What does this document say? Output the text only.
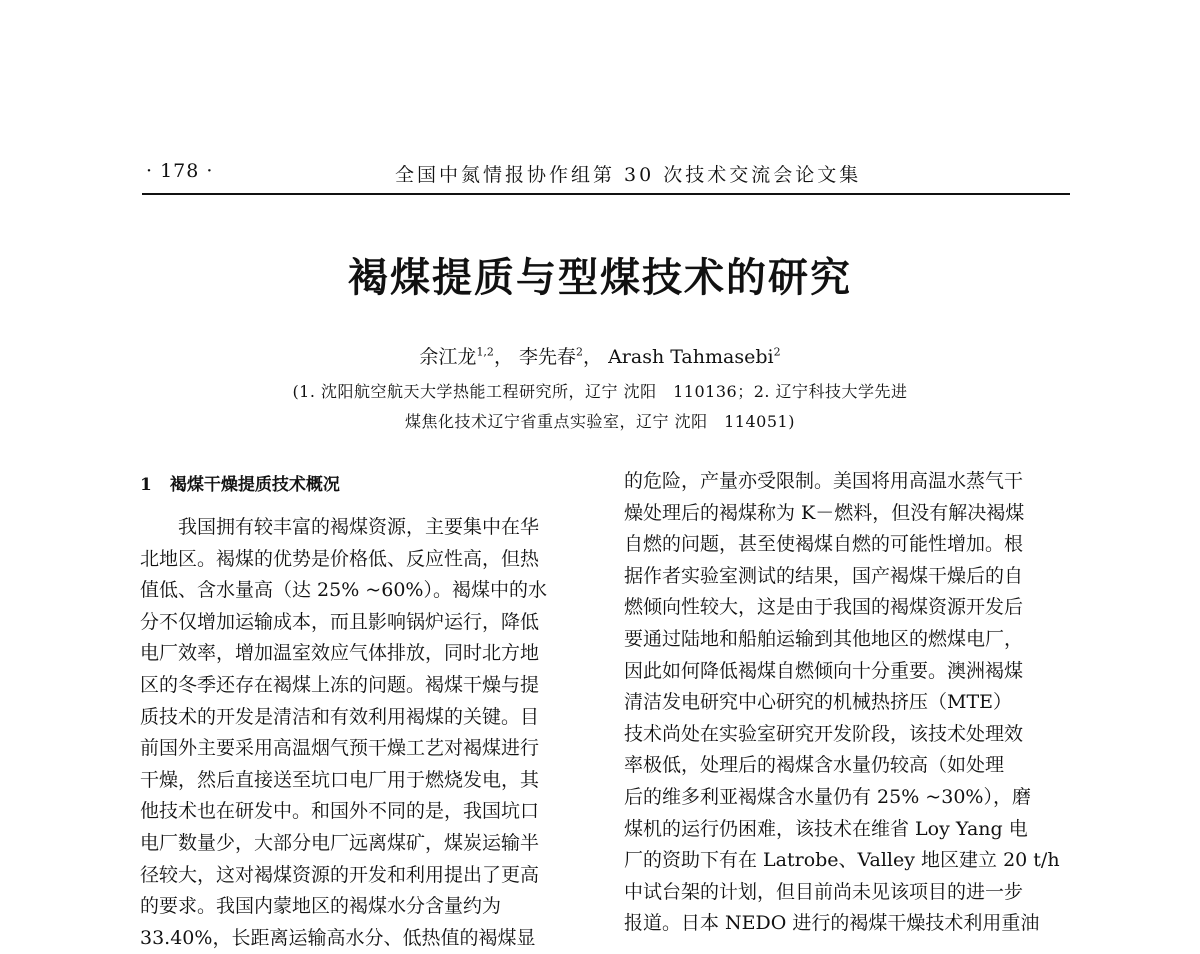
· 178 ·	全国中氮情报协作组第 30 次技术交流会论文集
褐煤提质与型煤技术的研究
余江龙$^{1,2}$， 李先春$^2$， Arash Tahmasebi$^2$
(1. 沈阳航空航天大学热能工程研究所，辽宁 沈阳　110136；2. 辽宁科技大学先进
煤焦化技术辽宁省重点实验室，辽宁 沈阳　114051)
1 褐煤干燥提质技术概况
　　我国拥有较丰富的褐煤资源，主要集中在华
北地区。褐煤的优势是价格低、反应性高，但热
值低、含水量高（达 25% ~60%）。褐煤中的水
分不仅增加运输成本，而且影响锅炉运行，降低
电厂效率，增加温室效应气体排放，同时北方地
区的冬季还存在褐煤上冻的问题。褐煤干燥与提
质技术的开发是清洁和有效利用褐煤的关键。目
前国外主要采用高温烟气预干燥工艺对褐煤进行
干燥，然后直接送至坑口电厂用于燃烧发电，其
他技术也在研发中。和国外不同的是，我国坑口
电厂数量少，大部分电厂远离煤矿，煤炭运输半
径较大，这对褐煤资源的开发和利用提出了更高
的要求。我国内蒙地区的褐煤水分含量约为
33.40%，长距离运输高水分、低热值的褐煤显
的危险，产量亦受限制。美国将用高温水蒸气干
燥处理后的褐煤称为 K－燃料，但没有解决褐煤
自燃的问题，甚至使褐煤自燃的可能性增加。根
据作者实验室测试的结果，国产褐煤干燥后的自
燃倾向性较大，这是由于我国的褐煤资源开发后
要通过陆地和船舶运输到其他地区的燃煤电厂，
因此如何降低褐煤自燃倾向十分重要。澳洲褐煤
清洁发电研究中心研究的机械热挤压（MTE）
技术尚处在实验室研究开发阶段，该技术处理效
率极低，处理后的褐煤含水量仍较高（如处理
后的维多利亚褐煤含水量仍有 25% ~30%），磨
煤机的运行仍困难，该技术在维省 Loy Yang 电
厂的资助下有在 Latrobe、Valley 地区建立 20 t/h
中试台架的计划，但目前尚未见该项目的进一步
报道。日本 NEDO 进行的褐煤干燥技术利用重油
